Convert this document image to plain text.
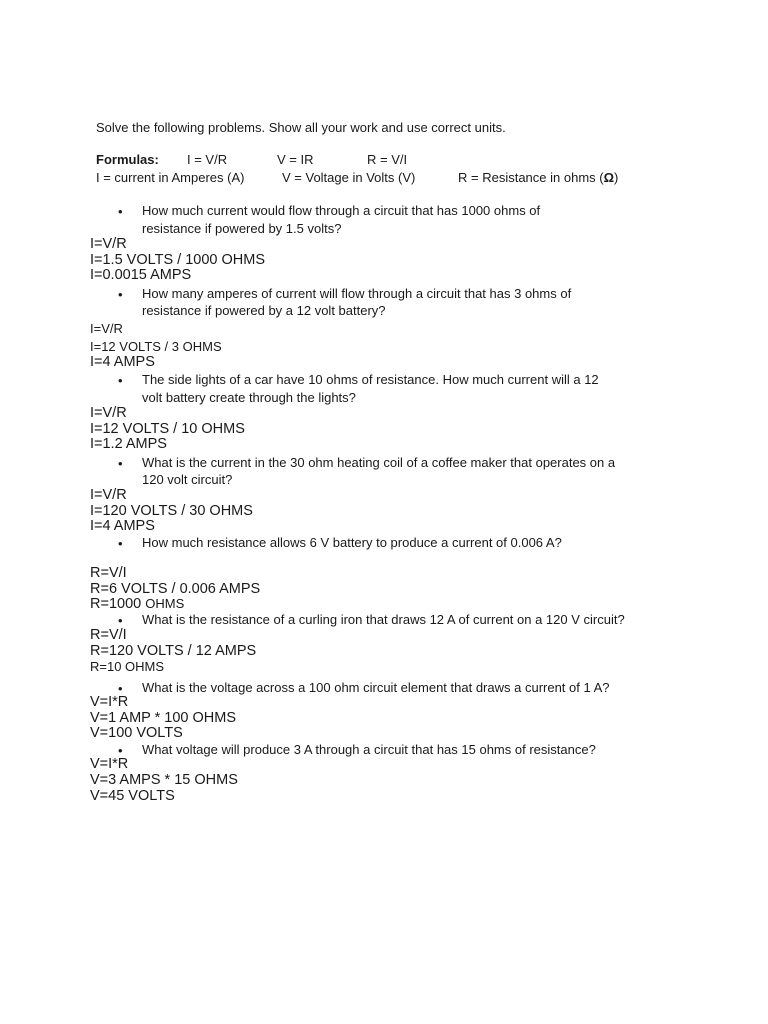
Solve the following problems. Show all your work and use correct units.
Formulas: I = V/R	V = IR	R = V/I
I = current in Amperes (A)	V = Voltage in Volts (V)	R = Resistance in ohms (Ω)
• How much current would flow through a circuit that has 1000 ohms of
resistance if powered by 1.5 volts?
I=V/R
I=1.5 VOLTS / 1000 OHMS
I=0.0015 AMPS
• How many amperes of current will flow through a circuit that has 3 ohms of
resistance if powered by a 12 volt battery?
I=V/R
I=12 VOLTS / 3 OHMS
I=4 AMPS
• The side lights of a car have 10 ohms of resistance. How much current will a 12
volt battery create through the lights?
I=V/R
I=12 VOLTS / 10 OHMS
I=1.2 AMPS
• What is the current in the 30 ohm heating coil of a coffee maker that operates on a
120 volt circuit?
I=V/R
I=120 VOLTS / 30 OHMS
I=4 AMPS
• How much resistance allows 6 V battery to produce a current of 0.006 A?
R=V/I
R=6 VOLTS / 0.006 AMPS
R=1000 OHMS
• What is the resistance of a curling iron that draws 12 A of current on a 120 V circuit?
R=V/I
R=120 VOLTS / 12 AMPS
R=10 OHMS
• What is the voltage across a 100 ohm circuit element that draws a current of 1 A?
V=I*R
V=1 AMP * 100 OHMS
V=100 VOLTS
• What voltage will produce 3 A through a circuit that has 15 ohms of resistance?
V=I*R
V=3 AMPS * 15 OHMS
V=45 VOLTS
